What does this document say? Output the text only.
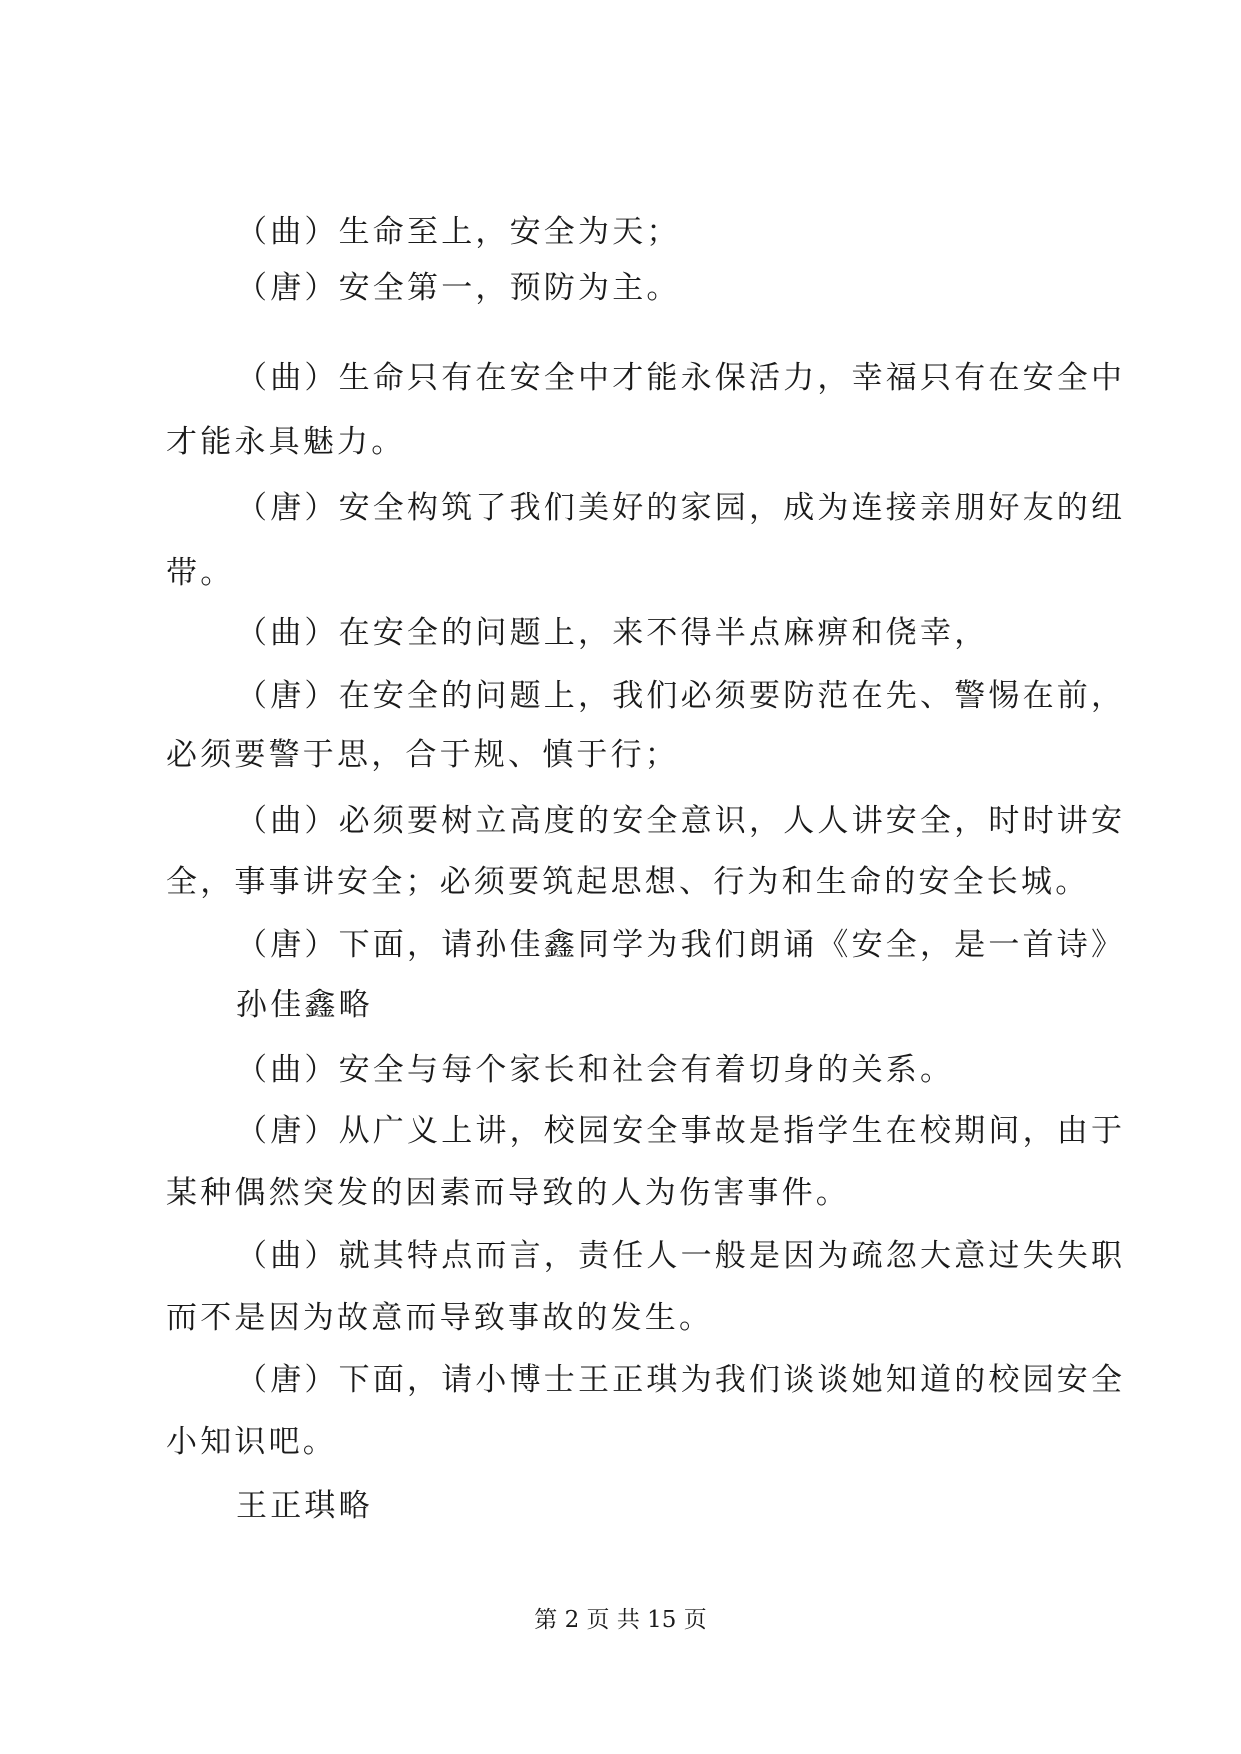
（曲）生命至上，安全为天；
（唐）安全第一，预防为主。
（曲）生命只有在安全中才能永保活力，幸福只有在安全中
才能永具魅力。
（唐）安全构筑了我们美好的家园，成为连接亲朋好友的纽
带。
（曲）在安全的问题上，来不得半点麻痹和侥幸，
（唐）在安全的问题上，我们必须要防范在先、警惕在前，
必须要警于思，合于规、慎于行；
（曲）必须要树立高度的安全意识，人人讲安全，时时讲安
全，事事讲安全；必须要筑起思想、行为和生命的安全长城。
（唐）下面，请孙佳鑫同学为我们朗诵《安全，是一首诗》
孙佳鑫略
（曲）安全与每个家长和社会有着切身的关系。
（唐）从广义上讲，校园安全事故是指学生在校期间，由于
某种偶然突发的因素而导致的人为伤害事件。
（曲）就其特点而言，责任人一般是因为疏忽大意过失失职
而不是因为故意而导致事故的发生。
（唐）下面，请小博士王正琪为我们谈谈她知道的校园安全
小知识吧。
王正琪略
第 2 页 共 15 页
